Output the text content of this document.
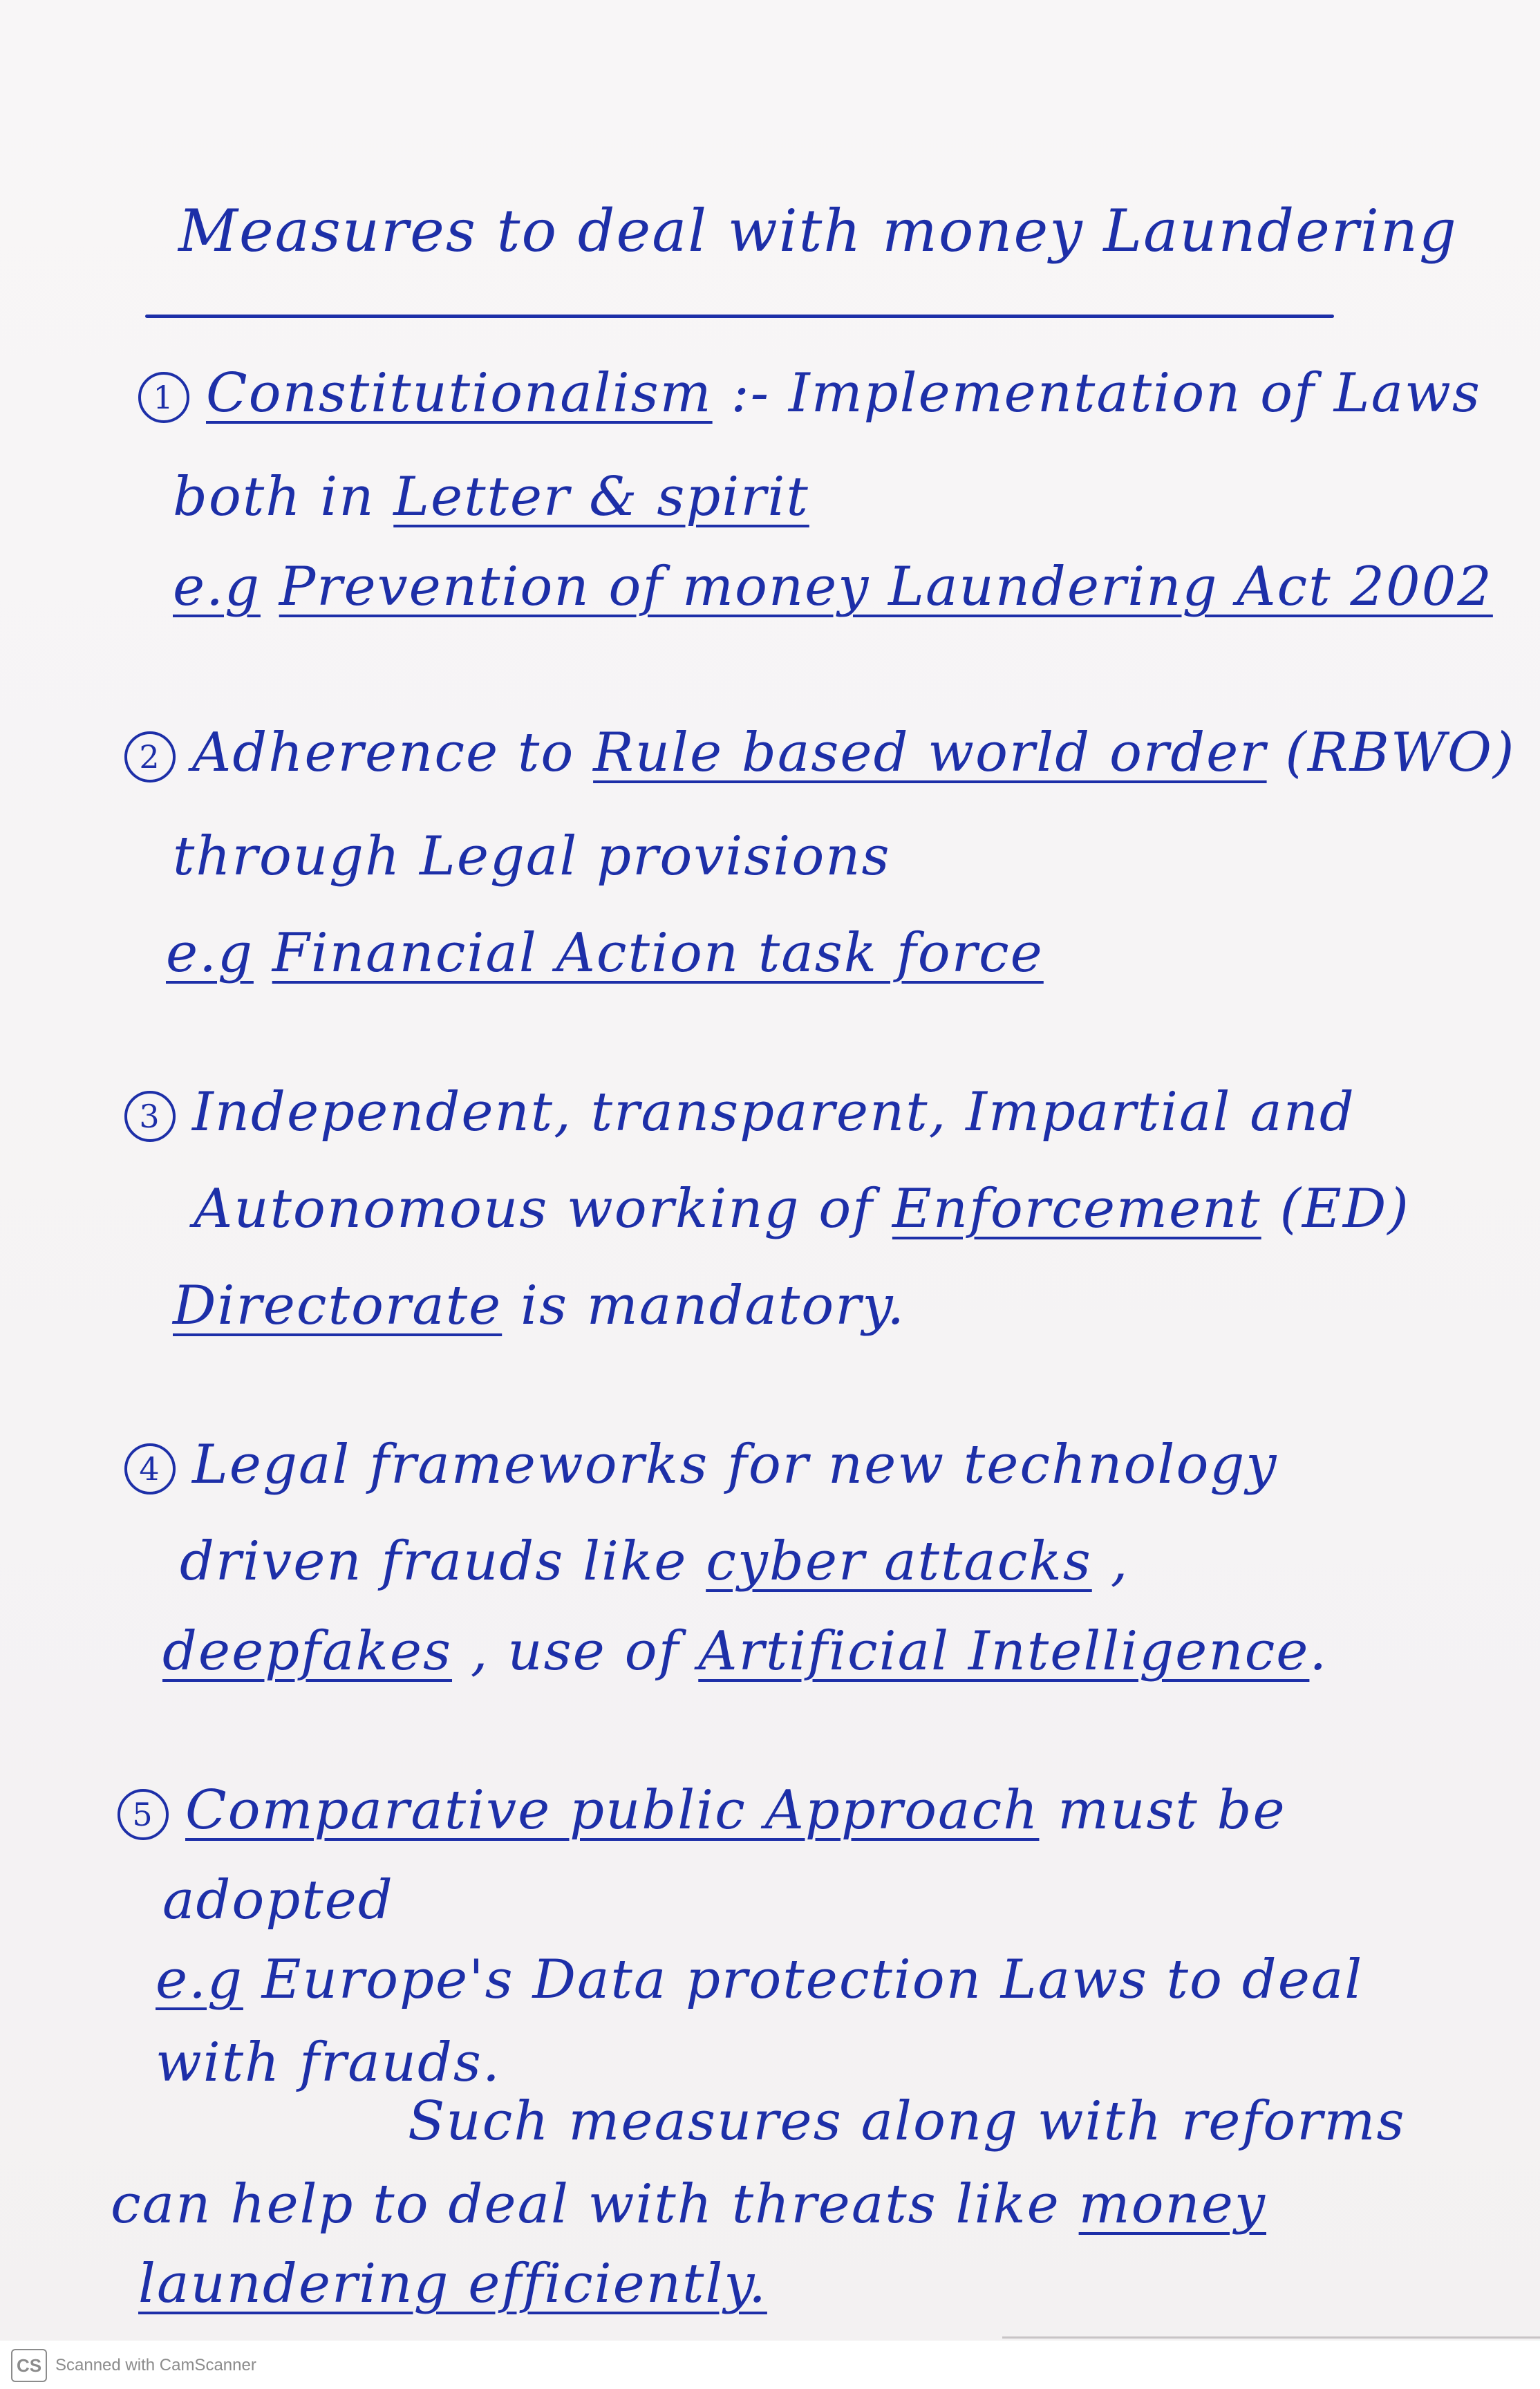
Measures to deal with money Laundering
1 Constitutionalism :- Implementation of Laws
both in Letter & spirit
e.g Prevention of money Laundering Act 2002
2 Adherence to Rule based world order (RBWO)
through Legal provisions
e.g Financial Action task force
3 Independent, transparent, Impartial and
Autonomous working of Enforcement (ED)
Directorate is mandatory.
4 Legal frameworks for new technology
driven frauds like cyber attacks ,
deepfakes , use of Artificial Intelligence.
5 Comparative public Approach must be
adopted
e.g Europe's Data protection Laws to deal
with frauds.
Such measures along with reforms
can help to deal with threats like money
laundering efficiently.
CS Scanned with CamScanner
